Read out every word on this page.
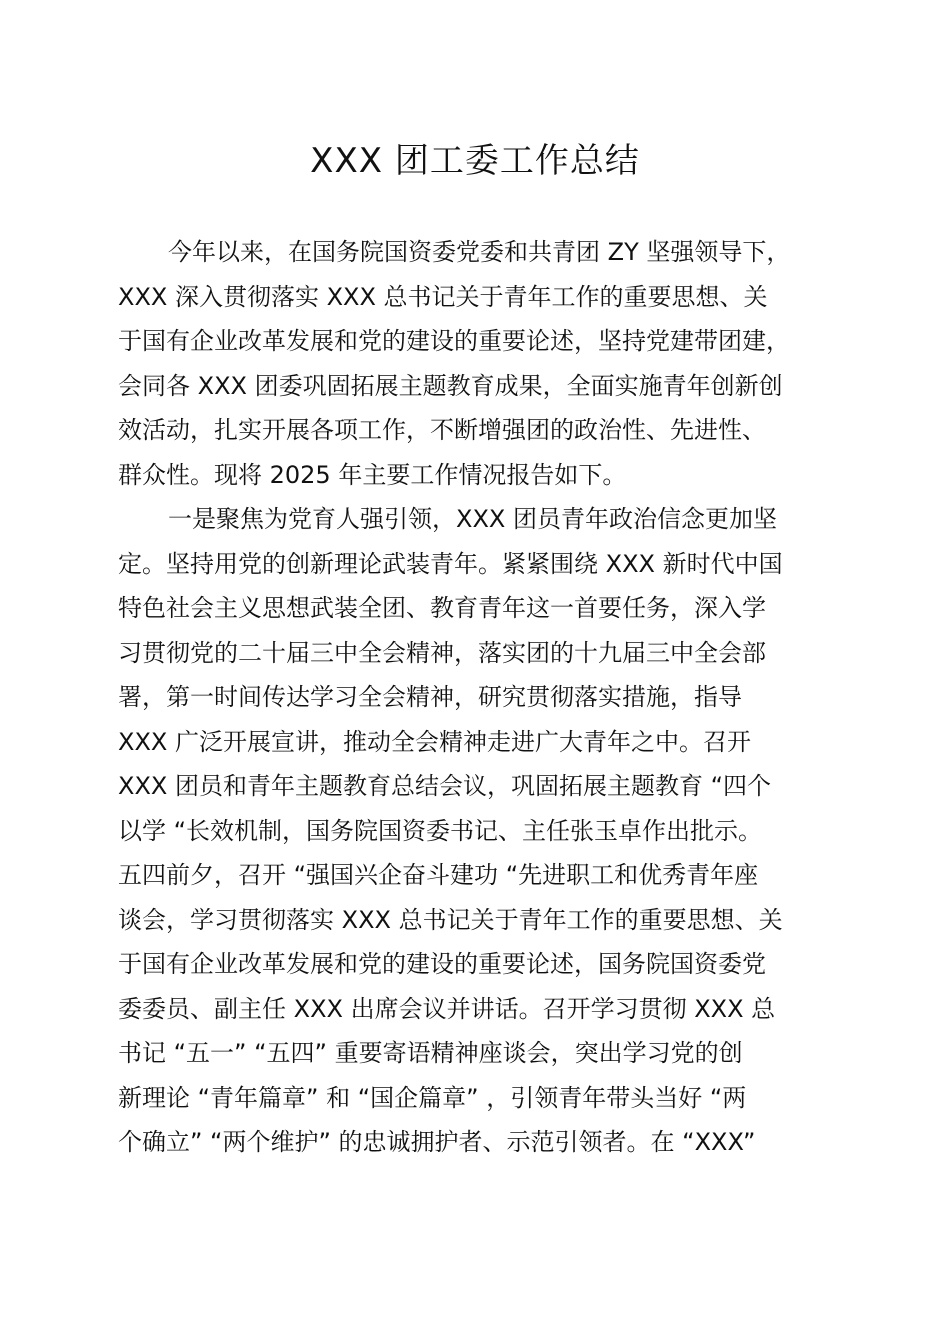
XXX 团工委工作总结
今年以来，在国务院国资委党委和共青团 ZY 坚强领导下，
XXX 深入贯彻落实 XXX 总书记关于青年工作的重要思想、关
于国有企业改革发展和党的建设的重要论述，坚持党建带团建，
会同各 XXX 团委巩固拓展主题教育成果，全面实施青年创新创
效活动，扎实开展各项工作，不断增强团的政治性、先进性、
群众性。现将 2025 年主要工作情况报告如下。
一是聚焦为党育人强引领，XXX 团员青年政治信念更加坚
定。坚持用党的创新理论武装青年。紧紧围绕 XXX 新时代中国
特色社会主义思想武装全团、教育青年这一首要任务，深入学
习贯彻党的二十届三中全会精神，落实团的十九届三中全会部
署，第一时间传达学习全会精神，研究贯彻落实措施，指导
XXX 广泛开展宣讲，推动全会精神走进广大青年之中。召开
XXX 团员和青年主题教育总结会议，巩固拓展主题教育 “四个
以学 “长效机制，国务院国资委书记、主任张玉卓作出批示。
五四前夕，召开 “强国兴企奋斗建功 “先进职工和优秀青年座
谈会，学习贯彻落实 XXX 总书记关于青年工作的重要思想、关
于国有企业改革发展和党的建设的重要论述，国务院国资委党
委委员、副主任 XXX 出席会议并讲话。召开学习贯彻 XXX 总
书记 “五一” “五四” 重要寄语精神座谈会，突出学习党的创
新理论 “青年篇章” 和 “国企篇章” ，引领青年带头当好 “两
个确立” “两个维护” 的忠诚拥护者、示范引领者。在 “XXX”
